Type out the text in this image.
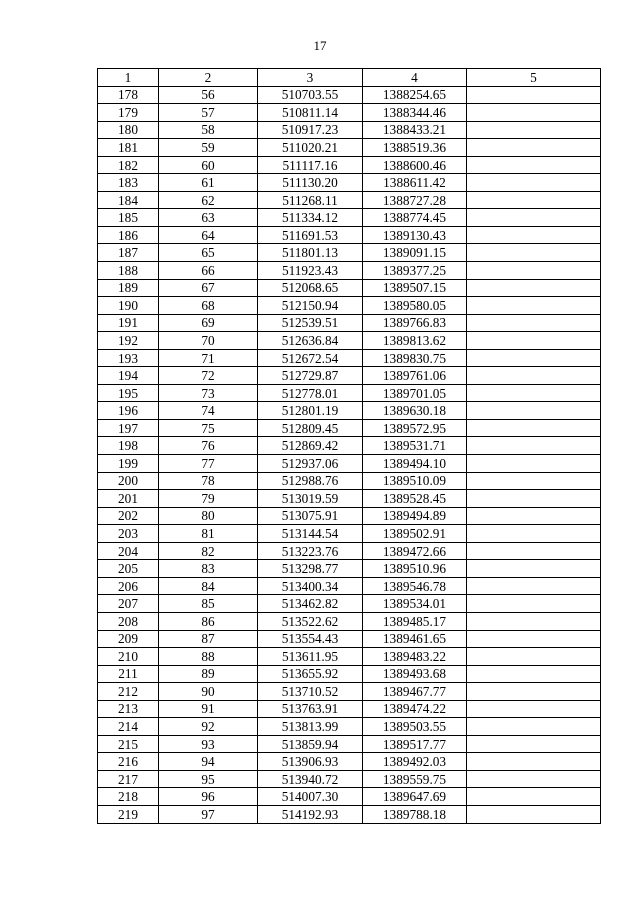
17
1	2	3	4	5
178	56	510703.55	1388254.65	
179	57	510811.14	1388344.46	
180	58	510917.23	1388433.21	
181	59	511020.21	1388519.36	
182	60	511117.16	1388600.46	
183	61	511130.20	1388611.42	
184	62	511268.11	1388727.28	
185	63	511334.12	1388774.45	
186	64	511691.53	1389130.43	
187	65	511801.13	1389091.15	
188	66	511923.43	1389377.25	
189	67	512068.65	1389507.15	
190	68	512150.94	1389580.05	
191	69	512539.51	1389766.83	
192	70	512636.84	1389813.62	
193	71	512672.54	1389830.75	
194	72	512729.87	1389761.06	
195	73	512778.01	1389701.05	
196	74	512801.19	1389630.18	
197	75	512809.45	1389572.95	
198	76	512869.42	1389531.71	
199	77	512937.06	1389494.10	
200	78	512988.76	1389510.09	
201	79	513019.59	1389528.45	
202	80	513075.91	1389494.89	
203	81	513144.54	1389502.91	
204	82	513223.76	1389472.66	
205	83	513298.77	1389510.96	
206	84	513400.34	1389546.78	
207	85	513462.82	1389534.01	
208	86	513522.62	1389485.17	
209	87	513554.43	1389461.65	
210	88	513611.95	1389483.22	
211	89	513655.92	1389493.68	
212	90	513710.52	1389467.77	
213	91	513763.91	1389474.22	
214	92	513813.99	1389503.55	
215	93	513859.94	1389517.77	
216	94	513906.93	1389492.03	
217	95	513940.72	1389559.75	
218	96	514007.30	1389647.69	
219	97	514192.93	1389788.18	
